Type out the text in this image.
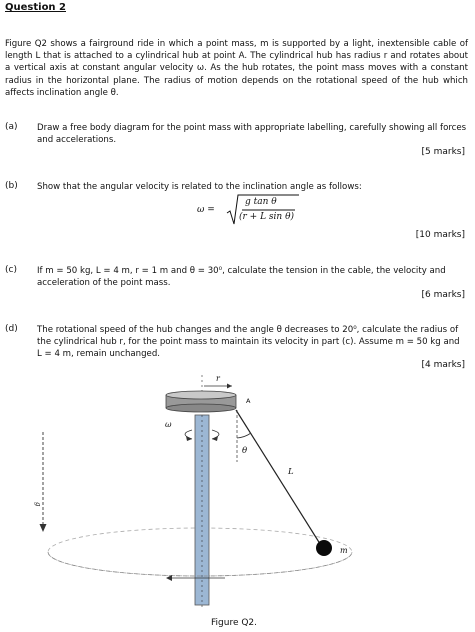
Question 2
Figure Q2 shows a fairground ride in which a point mass, m is supported by a light, inextensible cable of length L that is attached to a cylindrical hub at point A. The cylindrical hub has radius r and rotates about a vertical axis at constant angular velocity ω. As the hub rotates, the point mass moves with a constant radius in the horizontal plane. The radius of motion depends on the rotational speed of the hub which affects inclination angle θ.
(a) Draw a free body diagram for the point mass with appropriate labelling, carefully showing all forces and accelerations.
[5 marks]
(b) Show that the angular velocity is related to the inclination angle as follows:
ω =
g tan θ
(r + L sin θ)
[10 marks]
(c) If m = 50 kg, L = 4 m, r = 1 m and θ = 30⁰, calculate the tension in the cable, the velocity and acceleration of the point mass.
[6 marks]
(d) The rotational speed of the hub changes and the angle θ decreases to 20⁰, calculate the radius of the cylindrical hub r, for the point mass to maintain its velocity in part (c). Assume m = 50 kg and L = 4 m, remain unchanged.
[4 marks]
r
A
ω
θ
L
m
g
Figure Q2.
